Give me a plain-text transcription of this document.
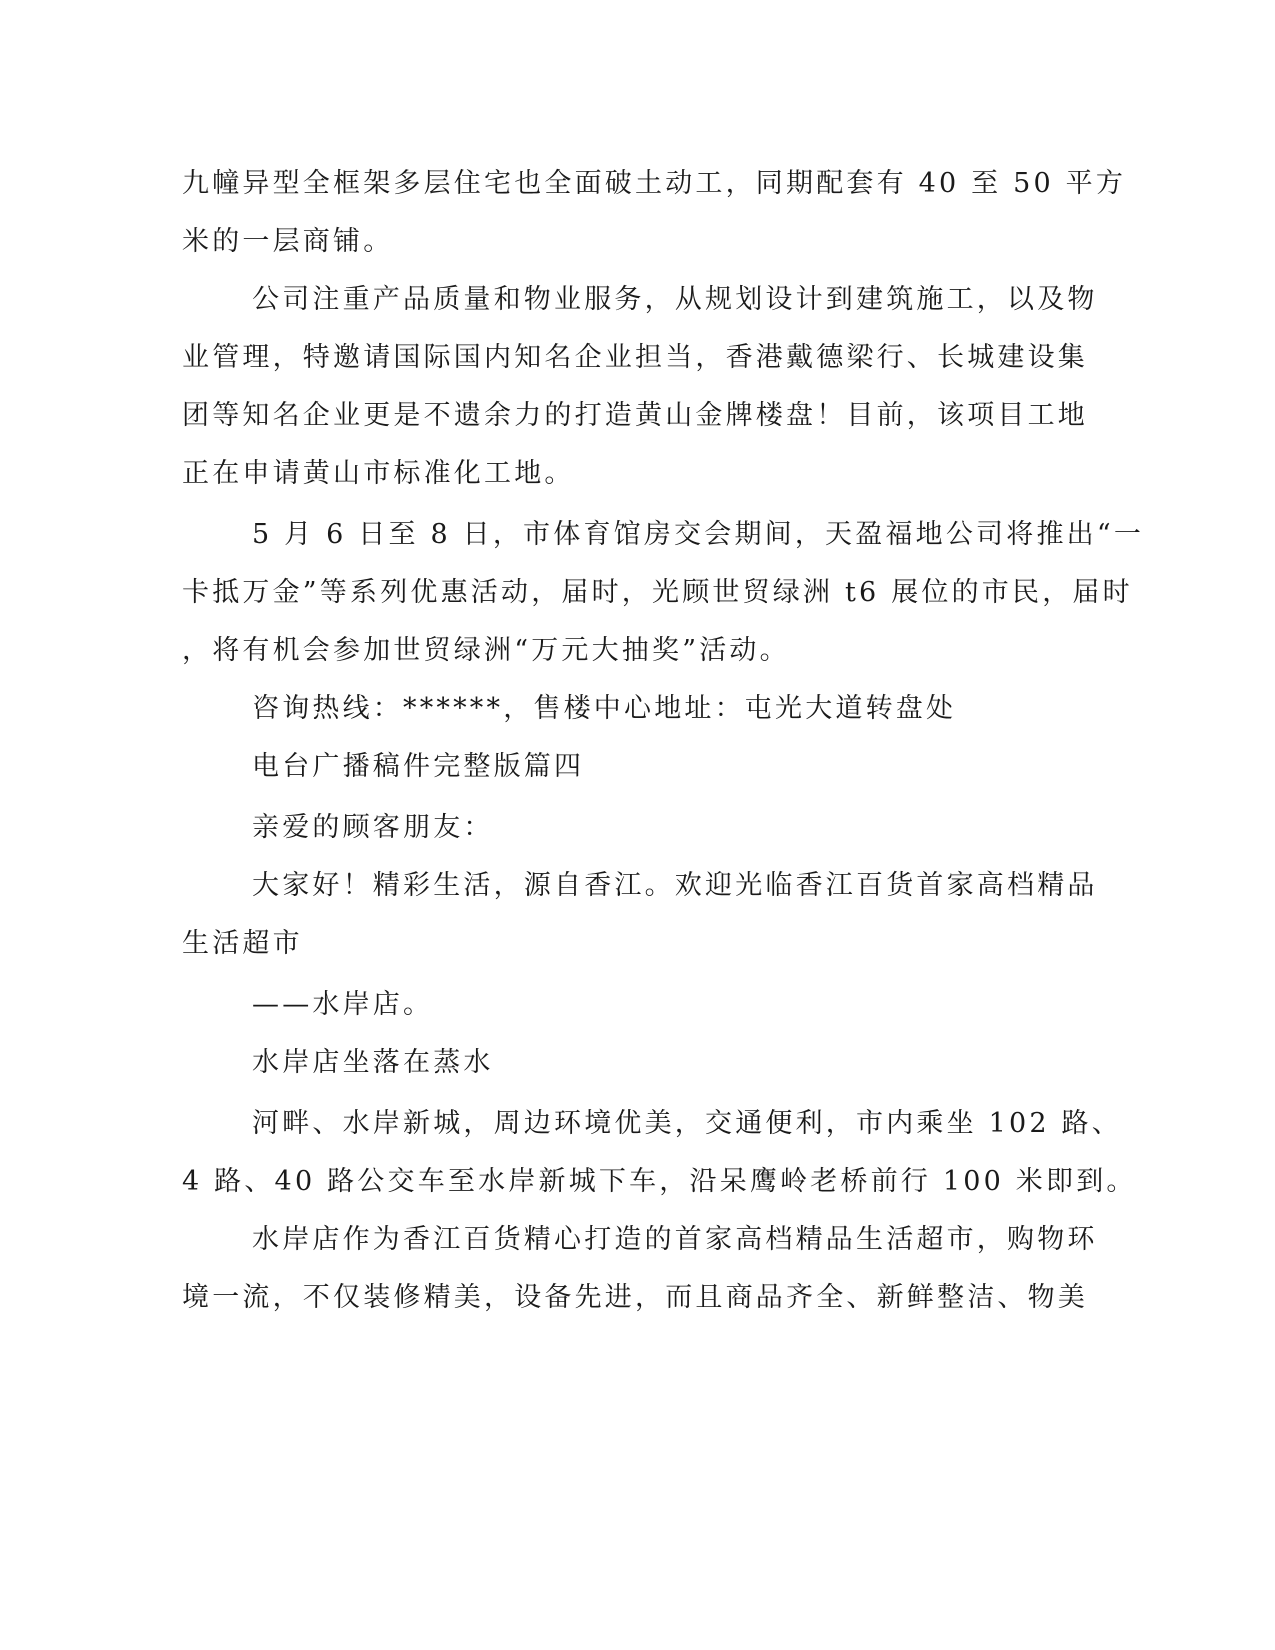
九幢异型全框架多层住宅也全面破土动工，同期配套有 40 至 50 平方
米的一层商铺。
公司注重产品质量和物业服务，从规划设计到建筑施工，以及物
业管理，特邀请国际国内知名企业担当，香港戴德梁行、长城建设集
团等知名企业更是不遗余力的打造黄山金牌楼盘！目前，该项目工地
正在申请黄山市标准化工地。
5 月 6 日至 8 日，市体育馆房交会期间，天盈福地公司将推出“一
卡抵万金”等系列优惠活动，届时，光顾世贸绿洲 t6 展位的市民，届时
，将有机会参加世贸绿洲“万元大抽奖”活动。
咨询热线：******，售楼中心地址：屯光大道转盘处
电台广播稿件完整版篇四
亲爱的顾客朋友：
大家好！精彩生活，源自香江。欢迎光临香江百货首家高档精品
生活超市
——水岸店。
水岸店坐落在蒸水
河畔、水岸新城，周边环境优美，交通便利，市内乘坐 102 路、
4 路、40 路公交车至水岸新城下车，沿呆鹰岭老桥前行 100 米即到。
水岸店作为香江百货精心打造的首家高档精品生活超市，购物环
境一流，不仅装修精美，设备先进，而且商品齐全、新鲜整洁、物美
